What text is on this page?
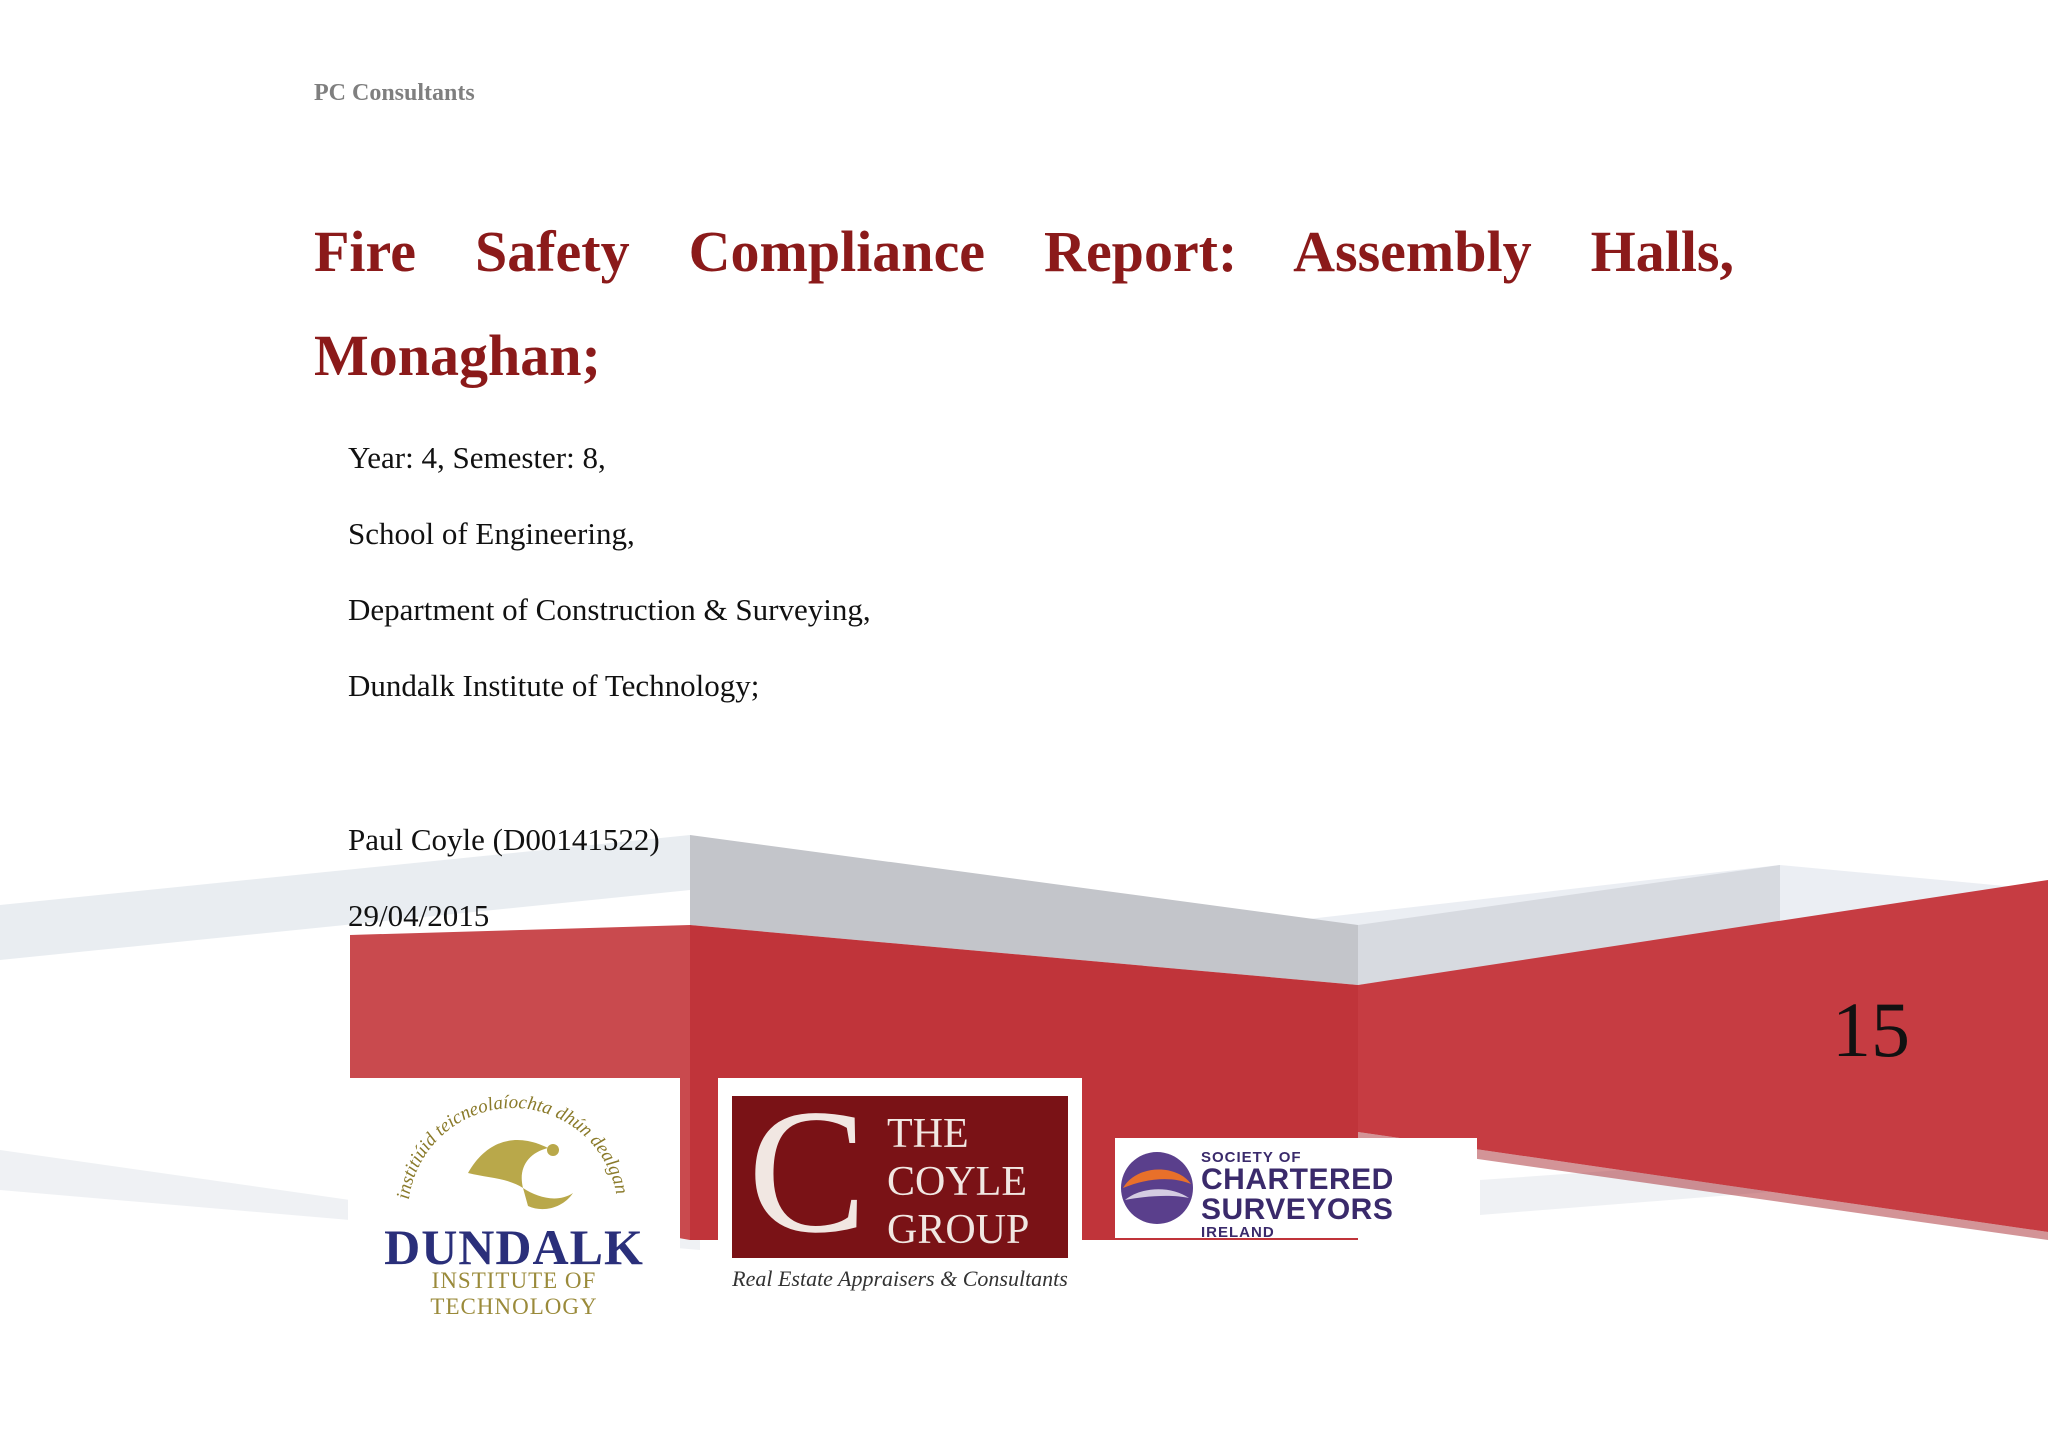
PC Consultants
Fire Safety Compliance Report: Assembly Halls, Monaghan;
Year: 4, Semester: 8,
School of Engineering,
Department of Construction & Surveying,
Dundalk Institute of Technology;
Paul Coyle (D00141522)
29/04/2015
15
institiúid teicneolaíochta dhún dealgan
DUNDALK
INSTITUTE OF TECHNOLOGY
C THE
COYLE
GROUP
Real Estate Appraisers & Consultants
SOCIETY OF
CHARTERED
SURVEYORS
IRELAND
